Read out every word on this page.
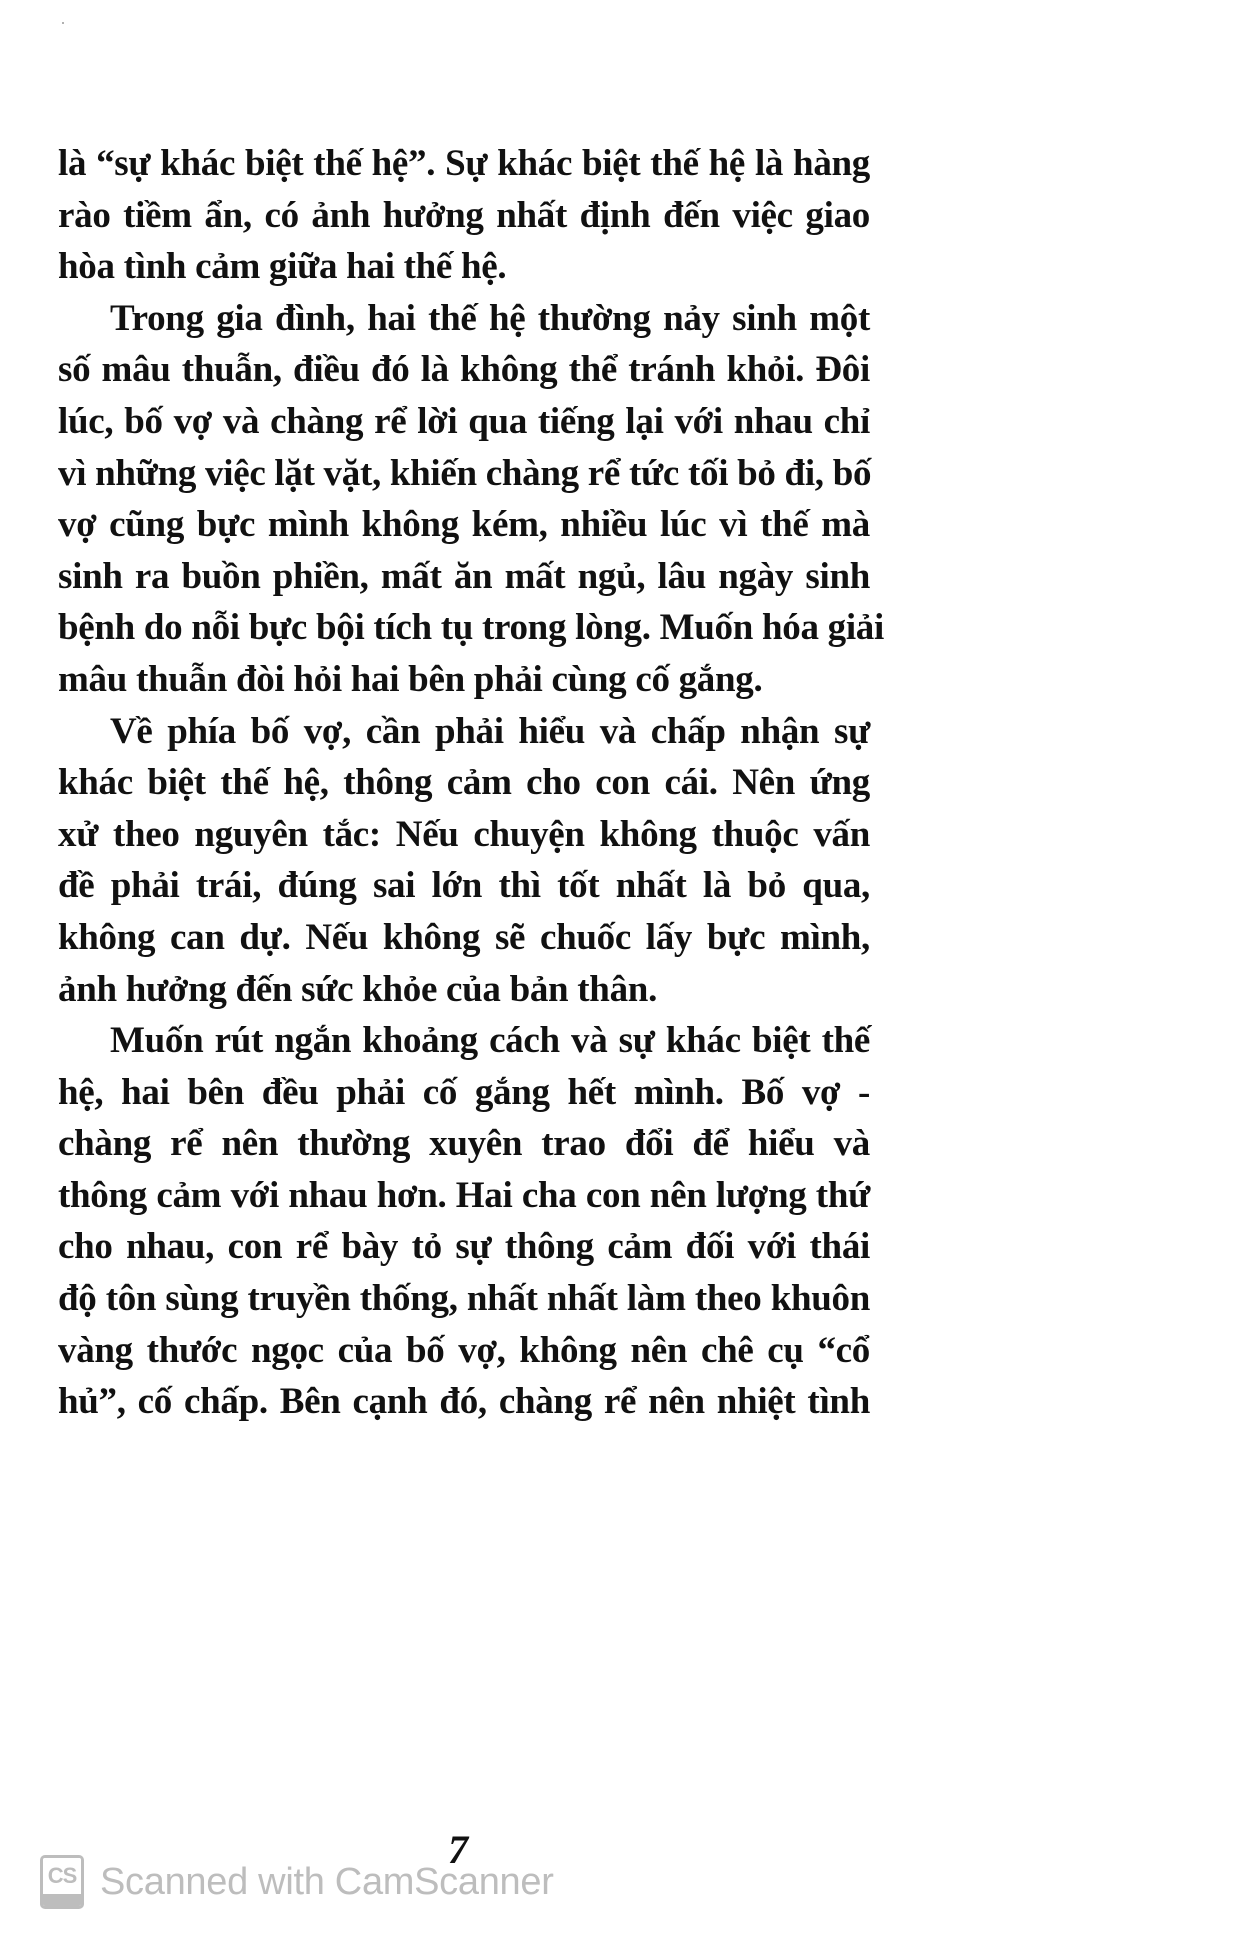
là “sự khác biệt thế hệ”. Sự khác biệt thế hệ là hàng
rào tiềm ẩn, có ảnh hưởng nhất định đến việc giao
hòa tình cảm giữa hai thế hệ.
Trong gia đình, hai thế hệ thường nảy sinh một
số mâu thuẫn, điều đó là không thể tránh khỏi. Đôi
lúc, bố vợ và chàng rể lời qua tiếng lại với nhau chỉ
vì những việc lặt vặt, khiến chàng rể tức tối bỏ đi, bố
vợ cũng bực mình không kém, nhiều lúc vì thế mà
sinh ra buồn phiền, mất ăn mất ngủ, lâu ngày sinh
bệnh do nỗi bực bội tích tụ trong lòng. Muốn hóa giải
mâu thuẫn đòi hỏi hai bên phải cùng cố gắng.
Về phía bố vợ, cần phải hiểu và chấp nhận sự
khác biệt thế hệ, thông cảm cho con cái. Nên ứng
xử theo nguyên tắc: Nếu chuyện không thuộc vấn
đề phải trái, đúng sai lớn thì tốt nhất là bỏ qua,
không can dự. Nếu không sẽ chuốc lấy bực mình,
ảnh hưởng đến sức khỏe của bản thân.
Muốn rút ngắn khoảng cách và sự khác biệt thế
hệ, hai bên đều phải cố gắng hết mình. Bố vợ -
chàng rể nên thường xuyên trao đổi để hiểu và
thông cảm với nhau hơn. Hai cha con nên lượng thứ
cho nhau, con rể bày tỏ sự thông cảm đối với thái
độ tôn sùng truyền thống, nhất nhất làm theo khuôn
vàng thước ngọc của bố vợ, không nên chê cụ “cổ
hủ”, cố chấp. Bên cạnh đó, chàng rể nên nhiệt tình
7
CS Scanned with CamScanner
